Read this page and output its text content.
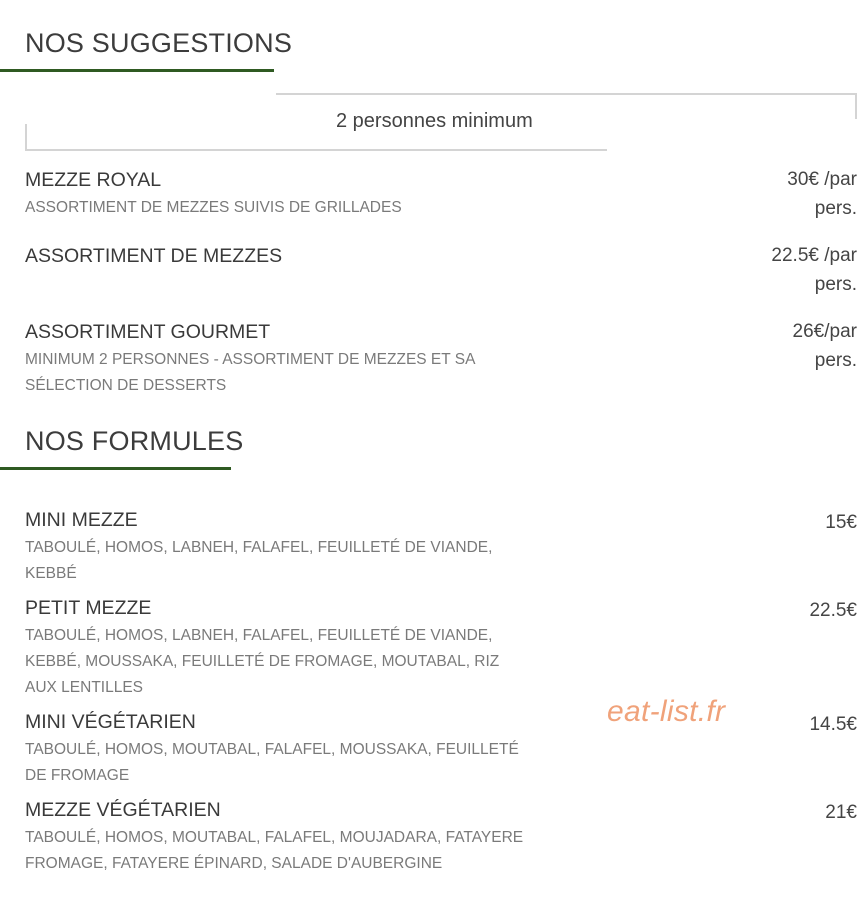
NOS SUGGESTIONS
2 personnes minimum
MEZZE ROYAL
ASSORTIMENT DE MEZZES SUIVIS DE GRILLADES
30€ /par pers.
ASSORTIMENT DE MEZZES	22.5€ /par pers.
ASSORTIMENT GOURMET
MINIMUM 2 PERSONNES - ASSORTIMENT DE MEZZES ET SA SÉLECTION DE DESSERTS
26€/par pers.
NOS FORMULES
MINI MEZZE
TABOULÉ, HOMOS, LABNEH, FALAFEL, FEUILLETÉ DE VIANDE, KEBBÉ
15€
PETIT MEZZE
TABOULÉ, HOMOS, LABNEH, FALAFEL, FEUILLETÉ DE VIANDE, KEBBÉ, MOUSSAKA, FEUILLETÉ DE FROMAGE, MOUTABAL, RIZ AUX LENTILLES
22.5€
MINI VÉGÉTARIEN
TABOULÉ, HOMOS, MOUTABAL, FALAFEL, MOUSSAKA, FEUILLETÉ DE FROMAGE
14.5€
MEZZE VÉGÉTARIEN
TABOULÉ, HOMOS, MOUTABAL, FALAFEL, MOUJADARA, FATAYERE FROMAGE, FATAYERE ÉPINARD, SALADE D'AUBERGINE
21€
eat-list.fr
